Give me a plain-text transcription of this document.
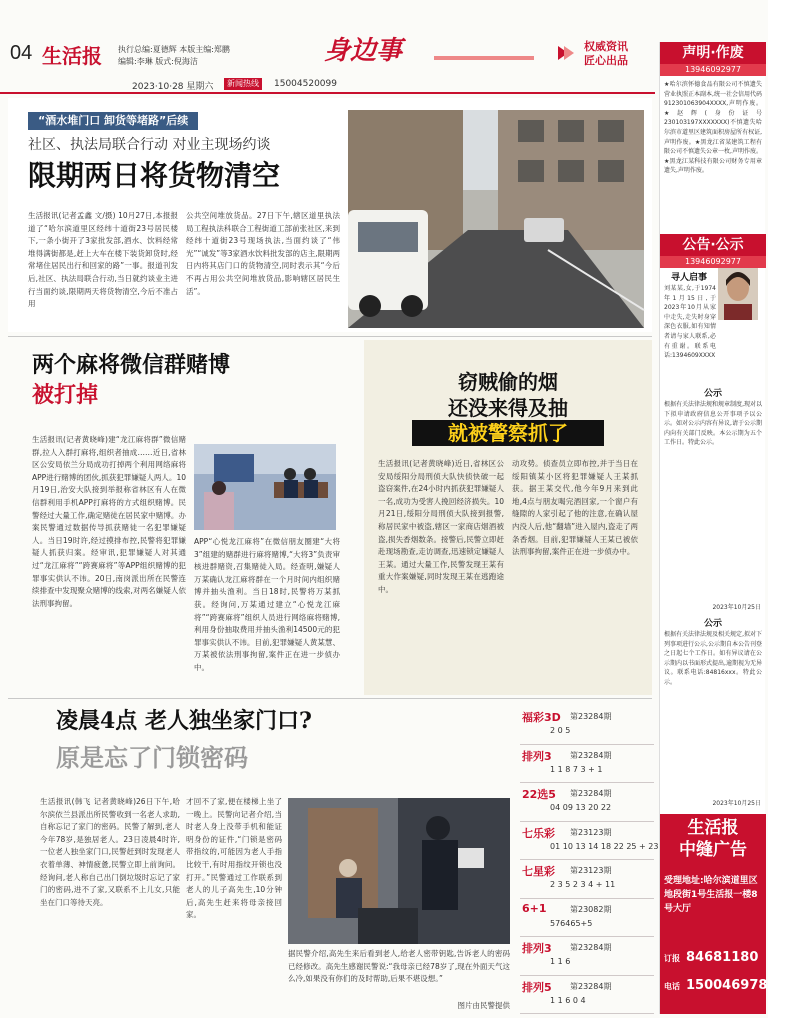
04 生活报 执行总编:夏德辉 本版主编:郑鹏
编辑:李琳 版式:倪海洁	身边事	权威资讯
匠心出品
2023·10·28 星期六	新闻热线	15004520099
“酒水堆门口 卸货等堵路”后续
社区、执法局联合行动 对业主现场约谈
限期两日将货物清空
生活报讯(记者孟鑫 文/摄) 10月27日,本报报道了“哈尔滨道里区经纬十道街23号居民楼下,一条小街开了3家批发部,酒水、饮料经常堆得满街都是,赶上大车在楼下装货卸货时,经常堵住居民出行和回家的路”一事。报道刊发后,社区、执法局联合行动,当日就约谈业主进行当面约谈,限期两天将货物清空,今后不准占用
公共空间堆放货品。27日下午,辖区道里执法局工程执法科联合工程街道工部前张社区,来到经纬十道街23号现场执法,当面约谈了“伟光”“诚发”等3家酒水饮料批发部的店主,限期两日内将其店门口的货物清空,同时表示其“今后不再占用公共空间堆放货品,影响辖区居民生活”。
两个麻将微信群赌博
被打掉
生活报讯(记者黄晓峰)建“龙江麻将群”微信赌群,拉人入群打麻将,组织者抽成……近日,省林区公安局依兰分局成功打掉两个利用网络麻将APP进行赌博的团伙,抓获犯罪嫌疑人两人。10月19日,治安大队接到举报称省林区有人在微信群利用手机APP打麻将的方式组织赌博。民警经过大量工作,确定赌徒在居民家中赌博。办案民警通过数据传导抓获赌徒一名犯罪嫌疑人。当日19时许,经过摸排布控,民警将犯罪嫌疑人抓获归案。经审讯,犯罪嫌疑人对其通过“龙江麻将”“跨赛麻将”等APP组织赌博的犯罪事实供认不讳。20日,南岗派出所在民警连续排查中发现聚众赌博的线索,对两名嫌疑人依法刑事拘留。
APP“心悦龙江麻将”在微信朋友圈建“大将3”组建的赌群进行麻将赌博,“大将3”负责审核进群赌资,召集赌徒入局。经查明,嫌疑人万某确认龙江麻将群在一个月时间内组织赌博并抽头渔利。当日18时,民警将万某抓获。经询问,万某通过建立“心悦龙江麻将”“跨赛麻将”组织人员进行网络麻将赌博,利用身份抽取费用并抽头渔利14500元的犯罪事实供认不讳。目前,犯罪嫌疑人黄某慧、万某被依法刑事拘留,案件正在进一步侦办中。
窃贼偷的烟
还没来得及抽
就被警察抓了
生活报讯(记者黄晓峰)近日,省林区公安局绥阳分局刑侦大队快侦快破一起盗窃案件,在24小时内抓获犯罪嫌疑人一名,成功为受害人挽回经济损失。10月21日,绥阳分局刑侦大队接到报警,称居民家中被盗,辖区一家商店烟酒被盗,损失香烟数条。接警后,民警立即赶赴现场勘查,走访调查,迅速锁定嫌疑人王某。通过大量工作,民警发现王某有重大作案嫌疑,同时发现王某在逃跑途中。
动攻势。侦查员立即布控,并于当日在绥阳镇某小区将犯罪嫌疑人王某抓获。据王某交代,他今年9月来到此地,4点与朋友喝完酒回家,一个窗户有缝隙的人家引起了他的注意,在确认屋内没人后,他“翻墙”进入屋内,盗走了两条香烟。目前,犯罪嫌疑人王某已被依法刑事拘留,案件正在进一步侦办中。
凌晨4点 老人独坐家门口?
原是忘了门锁密码
生活报讯(韩飞 记者黄晓峰)26日下午,哈尔滨依兰县派出所民警收到一名老人求助,自称忘记了家门的密码。民警了解到,老人今年78岁,是独居老人。23日凌晨4时许,一位老人独坐家门口,民警赶到时发现老人衣着单薄、神情疲惫,民警立即上前询问。经询问,老人称自己出门倒垃圾时忘记了家门的密码,进不了家,又联系不上儿女,只能坐在门口等待天亮。
才回不了家,便在楼梯上坐了一晚上。民警向记者介绍,当时老人身上没带手机和能证明身份的证件,“门锁是密码带指纹的,可能因为老人手指比较干,有时用指纹开锁也没打开。”民警通过工作联系到老人的儿子高先生,10分钟后,高先生赶来将母亲接回家。
据民警介绍,高先生来后看到老人,给老人密带钥匙,告诉老人的密码已经修改。高先生感谢民警说:“我母亲已经78岁了,现在外面天气这么冷,如果没有你们的及时帮助,后果不堪设想。”
图片由民警提供
福彩3D 第23284期
2 0 5
排列3 第23284期
1 1 8 7 3 + 1
22选5 第23284期
04 09 13 20 22
七乐彩 第23123期
01 10 13 14 18 22 25 + 23
七星彩 第23123期
2 3 5 2 3 4 + 11
6+1	第23082期
576465+5
排列3 第23284期
1 1 6
排列5 第23284期
1 1 6 0 4
声明·作废
13946092977
★哈尔滨怀德食品有限公司不慎遗失营业执照正本副本,统一社会信用代码912301063904XXXX,声明作废。★赵辉(身份证号230103197XXXXXXX)不慎遗失哈尔滨市道里区建筑面积房屋所有权证,声明作废。★黑龙江省某建筑工程有限公司不慎遗失公章一枚,声明作废。★黑龙江某科技有限公司财务专用章遗失,声明作废。
公告·公示
13946092977
寻人启事
刘某某,女,于1974年1月15日,于2023年10月从家中走失,走失时身穿深色衣服,如有知情者请与家人联系,必有重谢。联系电话:1394609XXXX
公示
根据有关法律法规和规章制度,现对以下拟申请政府信息公开事项予以公示。如对公示内容有异议,请于公示期内向有关部门反映。本公示期为五个工作日。特此公示。
2023年10月25日
公示
根据有关法律法规及相关规定,拟对下列事项进行公示,公示期自本公告刊登之日起七个工作日。如有异议请在公示期内以书面形式提出,逾期视为无异议。联系电话:84816xxx。特此公示。
2023年10月25日
生活报
中缝广告
受理地址:哈尔滨道里区地段街1号生活报一楼8号大厅
订报 84681180
电话 15004697804
